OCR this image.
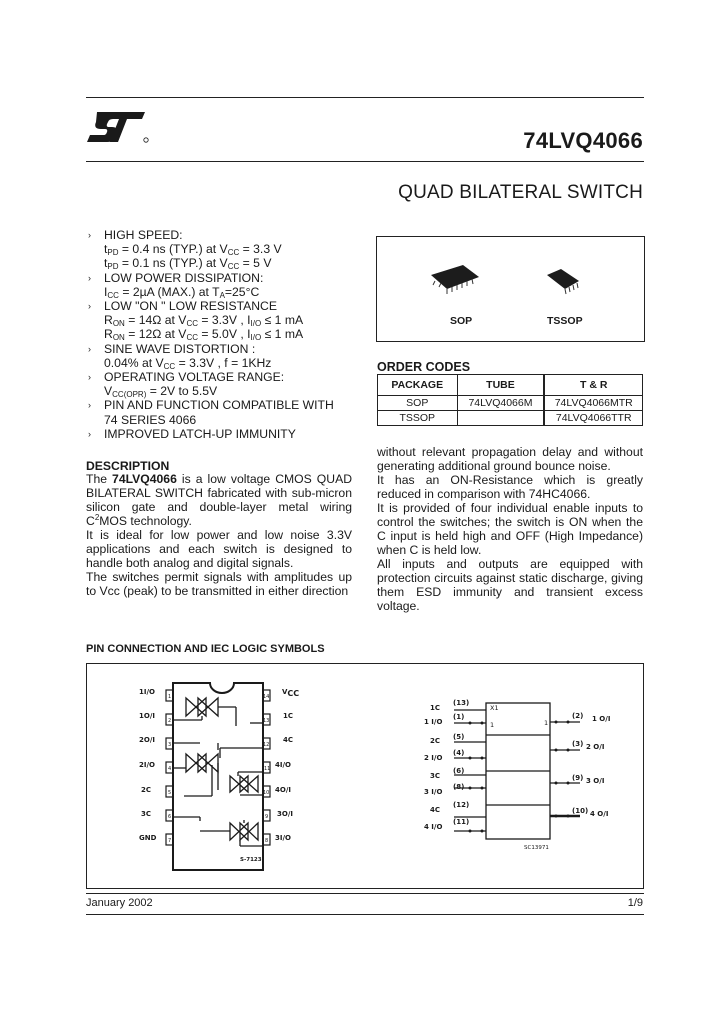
74LVQ4066
QUAD BILATERAL SWITCH
› HIGH SPEED:
$t_{PD} = 0.4$ ns (TYP.) at $V_{CC} = 3.3$ V
$t_{PD} = 0.1$ ns (TYP.) at $V_{CC} = 5$ V
› LOW POWER DISSIPATION:
$I_{CC} = 2\mu A$ (MAX.) at $T_A=25^\circ C$
› LOW "ON " LOW RESISTANCE
$R_{ON} = 14\Omega$ at $V_{CC} = 3.3V$ , $I_{I/O} \le 1$ mA
$R_{ON} = 12\Omega$ at $V_{CC} = 5.0V$ , $I_{I/O} \le 1$ mA
› SINE WAVE DISTORTION :
0.04% at $V_{CC} = 3.3V$ , f = 1KHz
› OPERATING VOLTAGE RANGE:
$V_{CC(OPR)} = 2V$ to 5.5V
› PIN AND FUNCTION COMPATIBLE WITH
74 SERIES 4066
› IMPROVED LATCH-UP IMMUNITY
SOP	TSSOP
ORDER CODES
PACKAGE	TUBE	T & R
SOP	74LVQ4066M	74LVQ4066MTR
TSSOP		74LVQ4066TTR
DESCRIPTION
The 74LVQ4066 is a low voltage CMOS QUAD BILATERAL SWITCH fabricated with sub-micron silicon gate and double-layer metal wiring $C^2MOS$ technology.
It is ideal for low power and low noise 3.3V applications and each switch is designed to handle both analog and digital signals.
The switches permit signals with amplitudes up to Vcc (peak) to be transmitted in either direction
without relevant propagation delay and without generating additional ground bounce noise.
It has an ON-Resistance which is greatly reduced in comparison with 74HC4066.
It is provided of four individual enable inputs to control the switches; the switch is ON when the C input is held high and OFF (High Impedance) when C is held low.
All inputs and outputs are equipped with protection circuits against static discharge, giving them ESD immunity and transient excess voltage.
PIN CONNECTION AND IEC LOGIC SYMBOLS
1
2
3
4
5
6
7
14
13
12
11
10
9
8
1I/O
1O/I
2O/I
2I/O
2C
3C
GND
$V_{CC}$
1C
4C
4I/O
4O/I
3O/I
3I/O
S-7123
X1
1	1
SC13971
1C
(13)
1 I/O
(1)
2C (5)
2 I/O
(4)
3C
(6)
3 I/O
(8)
4C
(12)
4 I/O
(11)
(2) 1 O/I
(3) 2 O/I
(9) 3 O/I
(10) 4 O/I
January 2002	1/9
